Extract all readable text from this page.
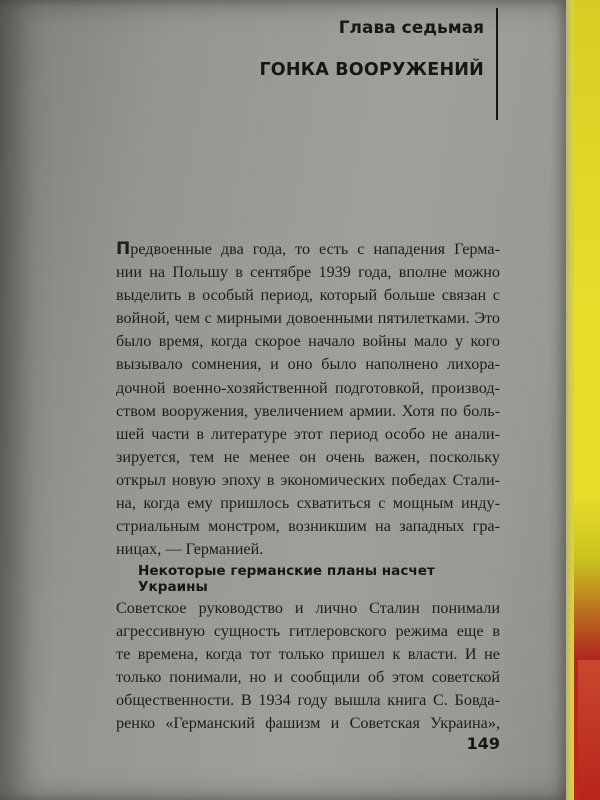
Глава седьмая
ГОНКА ВООРУЖЕНИЙ
Предвоенные два года, то есть с нападения Герма-
нии на Польшу в сентябре 1939 года, вполне можно
выделить в особый период, который больше связан с
войной, чем с мирными довоенными пятилетками. Это
было время, когда скорое начало войны мало у кого
вызывало сомнения, и оно было наполнено лихора-
дочной военно-хозяйственной подготовкой, производ-
ством вооружения, увеличением армии. Хотя по боль-
шей части в литературе этот период особо не анали-
зируется, тем не менее он очень важен, поскольку
открыл новую эпоху в экономических победах Стали-
на, когда ему пришлось схватиться с мощным инду-
стриальным монстром, возникшим на западных гра-
ницах, — Германией.
Некоторые германские планы насчет Украины
Советское руководство и лично Сталин понимали
агрессивную сущность гитлеровского режима еще в
те времена, когда тот только пришел к власти. И не
только понимали, но и сообщили об этом советской
общественности. В 1934 году вышла книга С. Бовда-
ренко «Германский фашизм и Советская Украина»,
149
